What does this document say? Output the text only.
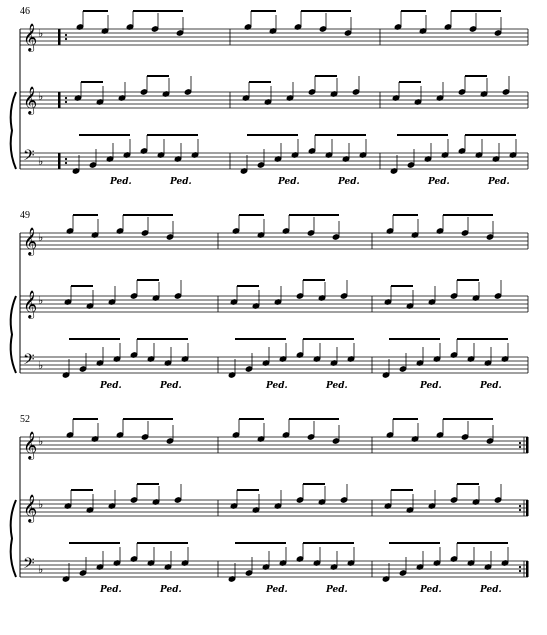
46
𝄞 ♭
𝄞 ♭
𝄢 ♭
Ped.	Ped.	Ped.	Ped.	Ped.	Ped.
49
𝄞 ♭
𝄞 ♭
𝄢 ♭
Ped.	Ped.	Ped.	Ped.	Ped.	Ped.
52
𝄞 ♭
𝄞 ♭
𝄢 ♭
Ped.	Ped.	Ped.	Ped.	Ped.	Ped.
